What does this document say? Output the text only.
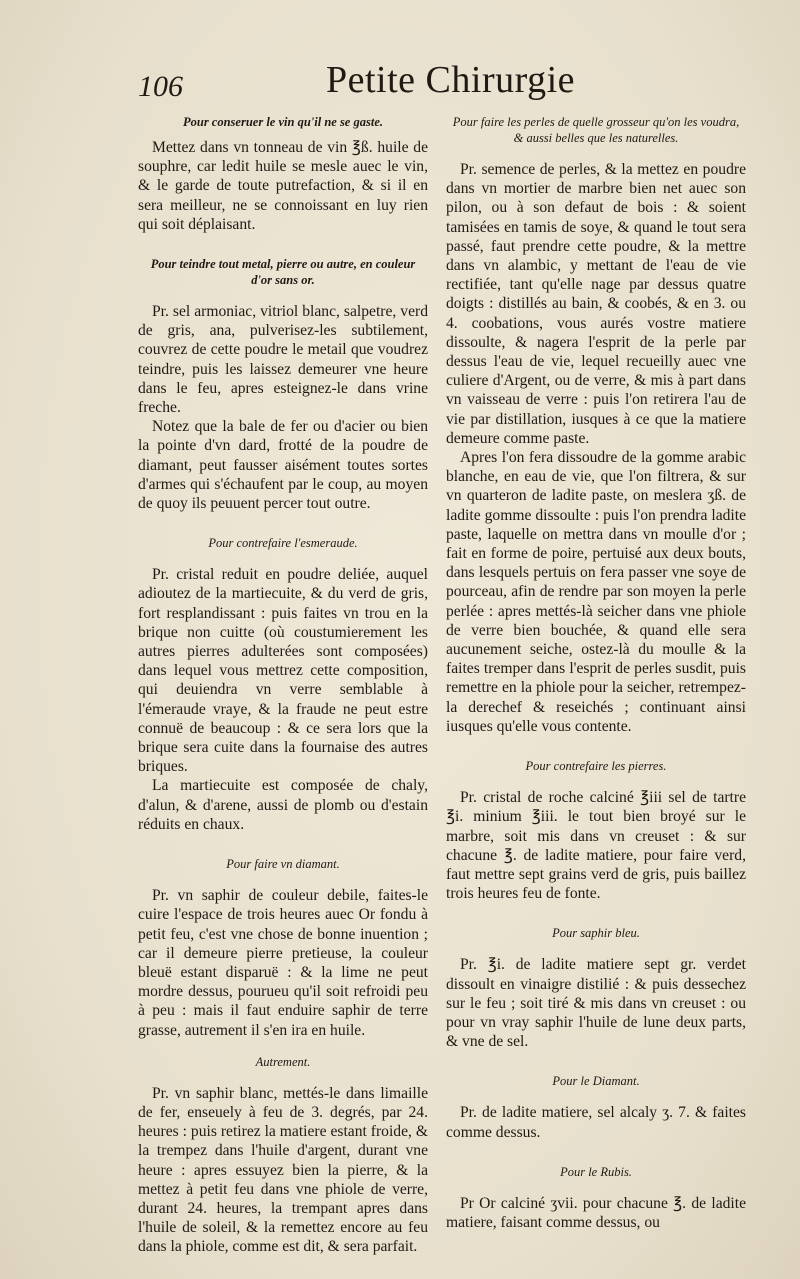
106	Petite Chirurgie

Pour conseruer le vin qu'il ne se gaste.

Mettez dans vn tonneau de vin ℥ß. huile de souphre, car ledit huile se mesle auec le vin, & le garde de toute putrefaction, & si il en sera meilleur, ne se connoissant en luy rien qui soit déplaisant.

Pour teindre tout metal, pierre ou autre, en couleur d'or sans or.

Pr. sel armoniac, vitriol blanc, salpetre, verd de gris, ana, pulverisez-les subtilement, couvrez de cette poudre le metail que voudrez teindre, puis les laissez demeurer vne heure dans le feu, apres esteignez-le dans vrine freche.

Notez que la bale de fer ou d'acier ou bien la pointe d'vn dard, frotté de la poudre de diamant, peut fausser aisément toutes sortes d'armes qui s'échaufent par le coup, au moyen de quoy ils peuuent percer tout outre.

Pour contrefaire l'esmeraude.

Pr. cristal reduit en poudre deliée, auquel adioutez de la martiecuite, & du verd de gris, fort resplandissant : puis faites vn trou en la brique non cuitte (où coustumierement les autres pierres adulterées sont composées) dans lequel vous mettrez cette composition, qui deuiendra vn verre semblable à l'émeraude vraye, & la fraude ne peut estre connuë de beaucoup : & ce sera lors que la brique sera cuite dans la fournaise des autres briques.

La martiecuite est composée de chaly, d'alun, & d'arene, aussi de plomb ou d'estain réduits en chaux.

Pour faire vn diamant.

Pr. vn saphir de couleur debile, faites-le cuire l'espace de trois heures auec Or fondu à petit feu, c'est vne chose de bonne inuention ; car il demeure pierre pretieuse, la couleur bleuë estant disparuë : & la lime ne peut mordre dessus, pourueu qu'il soit refroidi peu à peu : mais il faut enduire saphir de terre grasse, autrement il s'en ira en huile.

Autrement.

Pr. vn saphir blanc, mettés-le dans limaille de fer, enseuely à feu de 3. degrés, par 24. heures : puis retirez la matiere estant froide, & la trempez dans l'huile d'argent, durant vne heure : apres essuyez bien la pierre, & la mettez à petit feu dans vne phiole de verre, durant 24. heures, la trempant apres dans l'huile de soleil, & la remettez encore au feu dans la phiole, comme est dit, & sera parfait.

Pour faire les perles de quelle grosseur qu'on les voudra, & aussi belles que les naturelles.

Pr. semence de perles, & la mettez en poudre dans vn mortier de marbre bien net auec son pilon, ou à son defaut de bois : & soient tamisées en tamis de soye, & quand le tout sera passé, faut prendre cette poudre, & la mettre dans vn alambic, y mettant de l'eau de vie rectifiée, tant qu'elle nage par dessus quatre doigts : distillés au bain, & coobés, & en 3. ou 4. coobations, vous aurés vostre matiere dissoulte, & nagera l'esprit de la perle par dessus l'eau de vie, lequel recueilly auec vne culiere d'Argent, ou de verre, & mis à part dans vn vaisseau de verre : puis l'on retirera l'au de vie par distillation, iusques à ce que la matiere demeure comme paste.

Apres l'on fera dissoudre de la gomme arabic blanche, en eau de vie, que l'on filtrera, & sur vn quarteron de ladite paste, on meslera ʒß. de ladite gomme dissoulte : puis l'on prendra ladite paste, laquelle on mettra dans vn moulle d'or ; fait en forme de poire, pertuisé aux deux bouts, dans lesquels pertuis on fera passer vne soye de pourceau, afin de rendre par son moyen la perle perlée : apres mettés-là seicher dans vne phiole de verre bien bouchée, & quand elle sera aucunement seiche, ostez-là du moulle & la faites tremper dans l'esprit de perles susdit, puis remettre en la phiole pour la seicher, retrempez-la derechef & reseichés ; continuant ainsi iusques qu'elle vous contente.

Pour contrefaire les pierres.

Pr. cristal de roche calciné ℥iii sel de tartre ℥i. minium ℥iii. le tout bien broyé sur le marbre, soit mis dans vn creuset : & sur chacune ℥. de ladite matiere, pour faire verd, faut mettre sept grains verd de gris, puis baillez trois heures feu de fonte.

Pour saphir bleu.

Pr. ℥i. de ladite matiere sept gr. verdet dissoult en vinaigre distilié : & puis dessechez sur le feu ; soit tiré & mis dans vn creuset : ou pour vn vray saphir l'huile de lune deux parts, & vne de sel.

Pour le Diamant.

Pr. de ladite matiere, sel alcaly ʒ. 7. & faites comme dessus.

Pour le Rubis.

Pr Or calciné ʒvii. pour chacune ℥. de ladite matiere, faisant comme dessus, ou
